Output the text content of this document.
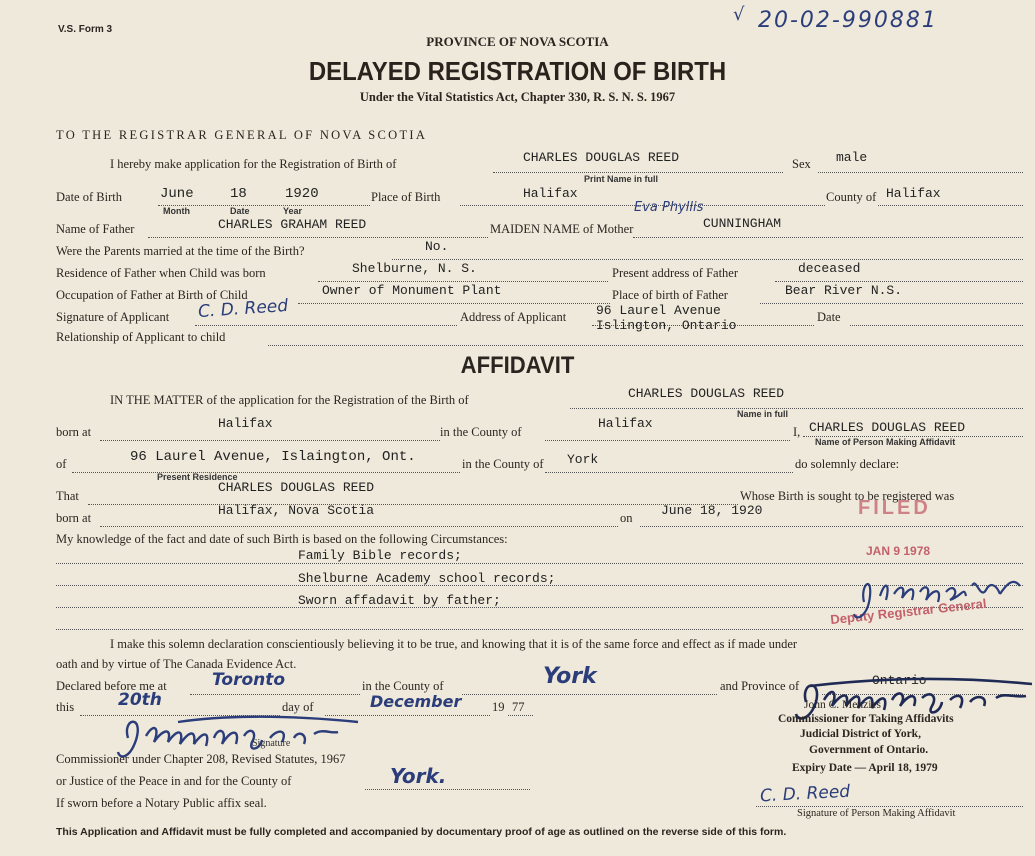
V.S. Form 3
√ 20-02-990881
PROVINCE OF NOVA SCOTIA
DELAYED REGISTRATION OF BIRTH
Under the Vital Statistics Act, Chapter 330, R. S. N. S. 1967
TO THE REGISTRAR GENERAL OF NOVA SCOTIA
I hereby make application for the Registration of Birth of	CHARLES DOUGLAS REED
Print Name in full
Sex male
Date of Birth	June	18	1920
Month	Date	Year
Place of Birth	Halifax	County of Halifax
Name of Father	CHARLES GRAHAM REED	MAIDEN NAME of Mother
Eva Phyllis
CUNNINGHAM
Were the Parents married at the time of the Birth?	No.
Residence of Father when Child was born	Shelburne, N. S.	Present address of Father	deceased
Occupation of Father at Birth of Child	Owner of Monument Plant	Place of birth of Father	Bear River N.S.
Signature of Applicant C. D. Reed	Address of Applicant 96 Laurel Avenue
Islington, Ontario
Date
Relationship of Applicant to child
AFFIDAVIT
IN THE MATTER of the application for the Registration of the Birth of	CHARLES DOUGLAS REED
Name in full
born at
Halifax
in the County of
Halifax
I, CHARLES DOUGLAS REED
Name of Person Making Affidavit
of	96 Laurel Avenue, Islaington, Ont.
Present Residence
in the County of York	do solemnly declare:
That
CHARLES DOUGLAS REED
Whose Birth is sought to be registered was
born at	Halifax, Nova Scotia	on June 18, 1920
My knowledge of the fact and date of such Birth is based on the following Circumstances:
Family Bible records;
Shelburne Academy school records;
Sworn affadavit by father;
FILED
JAN 9 1978
Deputy Registrar General
I make this solemn declaration conscientiously believing it to be true, and knowing that it is of the same force and effect as if made under
oath and by virtue of The Canada Evidence Act.
Declared before me at	Toronto	in the County of	York	and Province of	Ontario
this	20th	day of	December 19 77
Signature
Commissioner under Chapter 208, Revised Statutes, 1967
or Justice of the Peace in and for the County of	York.
If sworn before a Notary Public affix seal.
John C. Menzies
Commissioner for Taking Affidavits
Judicial District of York,
Government of Ontario.
Expiry Date — April 18, 1979
C. D. Reed
Signature of Person Making Affidavit
This Application and Affidavit must be fully completed and accompanied by documentary proof of age as outlined on the reverse side of this form.
